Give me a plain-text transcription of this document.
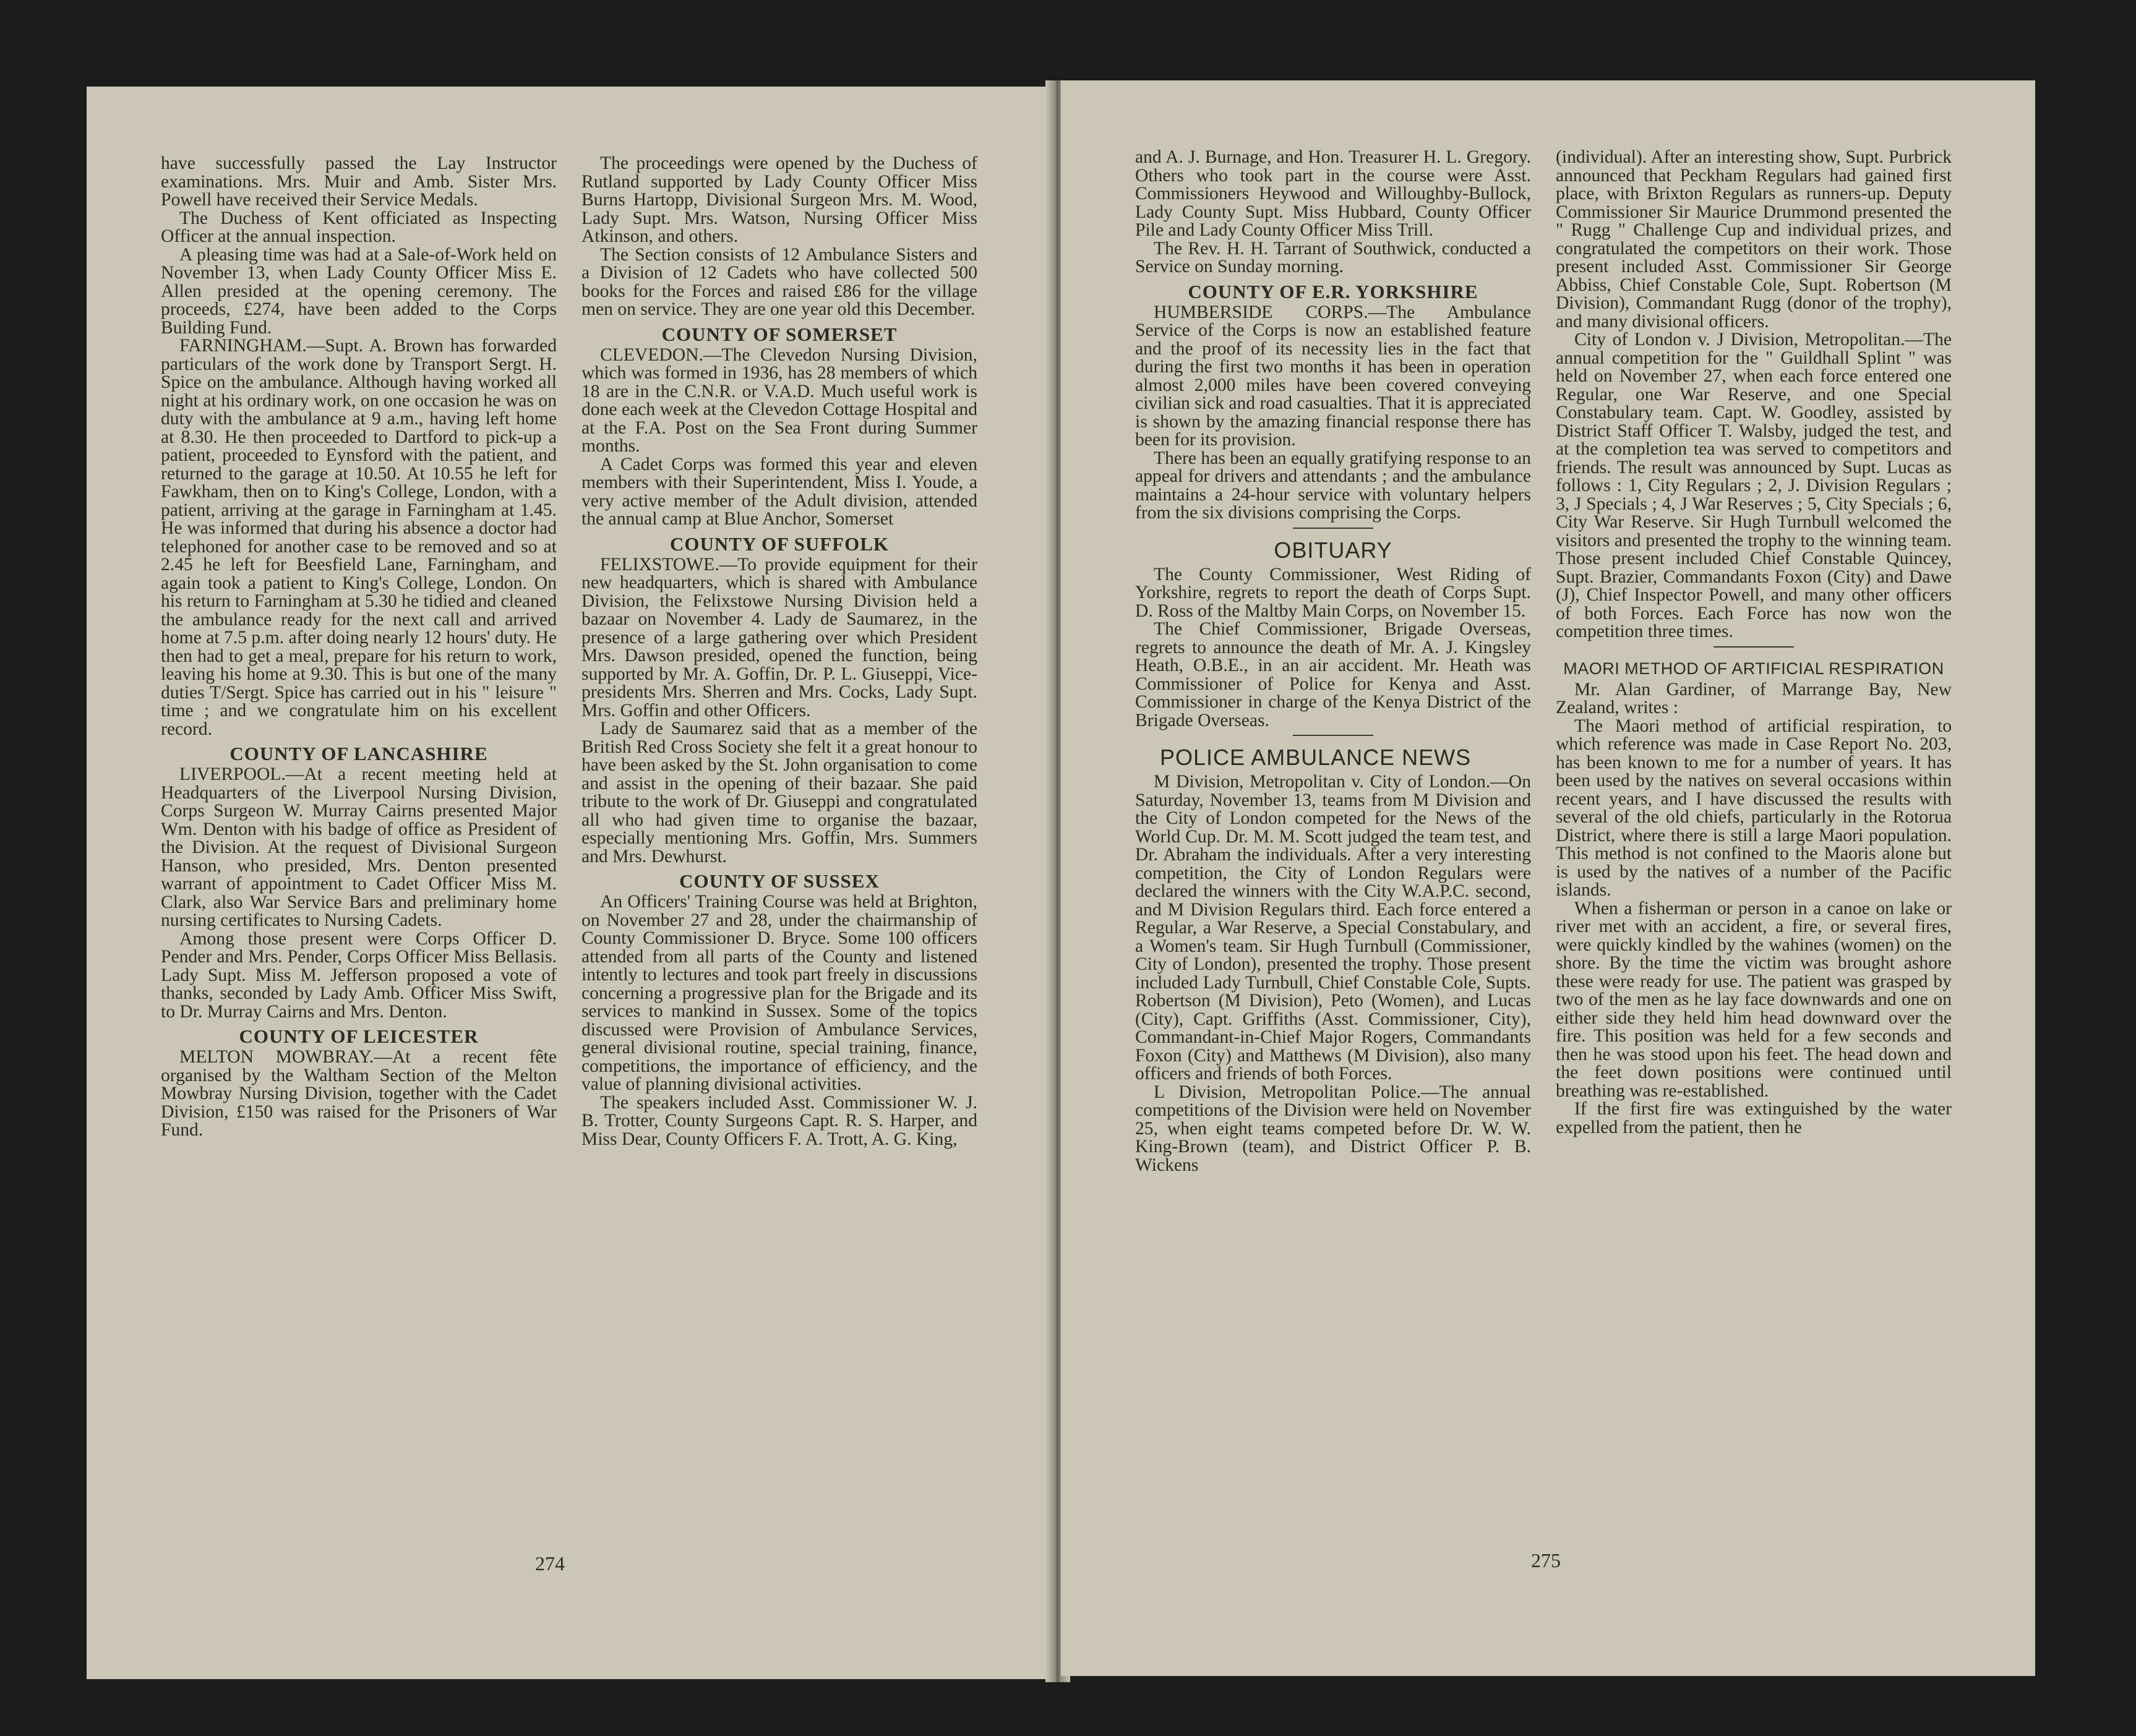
have successfully passed the Lay Instructor examinations. Mrs. Muir and Amb. Sister Mrs. Powell have received their Service Medals.

The Duchess of Kent officiated as Inspecting Officer at the annual inspection.

A pleasing time was had at a Sale-of-Work held on November 13, when Lady County Officer Miss E. Allen presided at the opening ceremony. The proceeds, £274, have been added to the Corps Building Fund.

FARNINGHAM.—Supt. A. Brown has forwarded particulars of the work done by Transport Sergt. H. Spice on the ambulance. Although having worked all night at his ordinary work, on one occasion he was on duty with the ambulance at 9 a.m., having left home at 8.30. He then proceeded to Dartford to pick-up a patient, proceeded to Eynsford with the patient, and returned to the garage at 10.50. At 10.55 he left for Fawkham, then on to King's College, London, with a patient, arriving at the garage in Farningham at 1.45. He was informed that during his absence a doctor had telephoned for another case to be removed and so at 2.45 he left for Beesfield Lane, Farningham, and again took a patient to King's College, London. On his return to Farningham at 5.30 he tidied and cleaned the ambulance ready for the next call and arrived home at 7.5 p.m. after doing nearly 12 hours' duty. He then had to get a meal, prepare for his return to work, leaving his home at 9.30. This is but one of the many duties T/Sergt. Spice has carried out in his " leisure " time ; and we congratulate him on his excellent record.

COUNTY OF LANCASHIRE

LIVERPOOL.—At a recent meeting held at Headquarters of the Liverpool Nursing Division, Corps Surgeon W. Murray Cairns presented Major Wm. Denton with his badge of office as President of the Division. At the request of Divisional Surgeon Hanson, who presided, Mrs. Denton presented warrant of appointment to Cadet Officer Miss M. Clark, also War Service Bars and preliminary home nursing certificates to Nursing Cadets.

Among those present were Corps Officer D. Pender and Mrs. Pender, Corps Officer Miss Bellasis. Lady Supt. Miss M. Jefferson proposed a vote of thanks, seconded by Lady Amb. Officer Miss Swift, to Dr. Murray Cairns and Mrs. Denton.

COUNTY OF LEICESTER

MELTON MOWBRAY.—At a recent fête organised by the Waltham Section of the Melton Mowbray Nursing Division, together with the Cadet Division, £150 was raised for the Prisoners of War Fund.

The proceedings were opened by the Duchess of Rutland supported by Lady County Officer Miss Burns Hartopp, Divisional Surgeon Mrs. M. Wood, Lady Supt. Mrs. Watson, Nursing Officer Miss Atkinson, and others.

The Section consists of 12 Ambulance Sisters and a Division of 12 Cadets who have collected 500 books for the Forces and raised £86 for the village men on service. They are one year old this December.

COUNTY OF SOMERSET

CLEVEDON.—The Clevedon Nursing Division, which was formed in 1936, has 28 members of which 18 are in the C.N.R. or V.A.D. Much useful work is done each week at the Clevedon Cottage Hospital and at the F.A. Post on the Sea Front during Summer months.

A Cadet Corps was formed this year and eleven members with their Superintendent, Miss I. Youde, a very active member of the Adult division, attended the annual camp at Blue Anchor, Somerset

COUNTY OF SUFFOLK

FELIXSTOWE.—To provide equipment for their new headquarters, which is shared with Ambulance Division, the Felixstowe Nursing Division held a bazaar on November 4. Lady de Saumarez, in the presence of a large gathering over which President Mrs. Dawson presided, opened the function, being supported by Mr. A. Goffin, Dr. P. L. Giuseppi, Vice-presidents Mrs. Sherren and Mrs. Cocks, Lady Supt. Mrs. Goffin and other Officers.

Lady de Saumarez said that as a member of the British Red Cross Society she felt it a great honour to have been asked by the St. John organisation to come and assist in the opening of their bazaar. She paid tribute to the work of Dr. Giuseppi and congratulated all who had given time to organise the bazaar, especially mentioning Mrs. Goffin, Mrs. Summers and Mrs. Dewhurst.

COUNTY OF SUSSEX

An Officers' Training Course was held at Brighton, on November 27 and 28, under the chairmanship of County Commissioner D. Bryce. Some 100 officers attended from all parts of the County and listened intently to lectures and took part freely in discussions concerning a progressive plan for the Brigade and its services to mankind in Sussex. Some of the topics discussed were Provision of Ambulance Services, general divisional routine, special training, finance, competitions, the importance of efficiency, and the value of planning divisional activities.

The speakers included Asst. Commissioner W. J. B. Trotter, County Surgeons Capt. R. S. Harper, and Miss Dear, County Officers F. A. Trott, A. G. King,

274

and A. J. Burnage, and Hon. Treasurer H. L. Gregory. Others who took part in the course were Asst. Commissioners Heywood and Willoughby-Bullock, Lady County Supt. Miss Hubbard, County Officer Pile and Lady County Officer Miss Trill.

The Rev. H. H. Tarrant of Southwick, conducted a Service on Sunday morning.

COUNTY OF E.R. YORKSHIRE

HUMBERSIDE CORPS.—The Ambulance Service of the Corps is now an established feature and the proof of its necessity lies in the fact that during the first two months it has been in operation almost 2,000 miles have been covered conveying civilian sick and road casualties. That it is appreciated is shown by the amazing financial response there has been for its provision.

There has been an equally gratifying response to an appeal for drivers and attendants ; and the ambulance maintains a 24-hour service with voluntary helpers from the six divisions comprising the Corps.

OBITUARY

The County Commissioner, West Riding of Yorkshire, regrets to report the death of Corps Supt. D. Ross of the Maltby Main Corps, on November 15.

The Chief Commissioner, Brigade Overseas, regrets to announce the death of Mr. A. J. Kingsley Heath, O.B.E., in an air accident. Mr. Heath was Commissioner of Police for Kenya and Asst. Commissioner in charge of the Kenya District of the Brigade Overseas.

POLICE AMBULANCE NEWS

M Division, Metropolitan v. City of London.—On Saturday, November 13, teams from M Division and the City of London competed for the News of the World Cup. Dr. M. M. Scott judged the team test, and Dr. Abraham the individuals. After a very interesting competition, the City of London Regulars were declared the winners with the City W.A.P.C. second, and M Division Regulars third. Each force entered a Regular, a War Reserve, a Special Constabulary, and a Women's team. Sir Hugh Turnbull (Commissioner, City of London), presented the trophy. Those present included Lady Turnbull, Chief Constable Cole, Supts. Robertson (M Division), Peto (Women), and Lucas (City), Capt. Griffiths (Asst. Commissioner, City), Commandant-in-Chief Major Rogers, Commandants Foxon (City) and Matthews (M Division), also many officers and friends of both Forces.

L Division, Metropolitan Police.—The annual competitions of the Division were held on November 25, when eight teams competed before Dr. W. W. King-Brown (team), and District Officer P. B. Wickens

(individual). After an interesting show, Supt. Purbrick announced that Peckham Regulars had gained first place, with Brixton Regulars as runners-up. Deputy Commissioner Sir Maurice Drummond presented the " Rugg " Challenge Cup and individual prizes, and congratulated the competitors on their work. Those present included Asst. Commissioner Sir George Abbiss, Chief Constable Cole, Supt. Robertson (M Division), Commandant Rugg (donor of the trophy), and many divisional officers.

City of London v. J Division, Metropolitan.—The annual competition for the " Guildhall Splint " was held on November 27, when each force entered one Regular, one War Reserve, and one Special Constabulary team. Capt. W. Goodley, assisted by District Staff Officer T. Walsby, judged the test, and at the completion tea was served to competitors and friends. The result was announced by Supt. Lucas as follows : 1, City Regulars ; 2, J. Division Regulars ; 3, J Specials ; 4, J War Reserves ; 5, City Specials ; 6, City War Reserve. Sir Hugh Turnbull welcomed the visitors and presented the trophy to the winning team. Those present included Chief Constable Quincey, Supt. Brazier, Commandants Foxon (City) and Dawe (J), Chief Inspector Powell, and many other officers of both Forces. Each Force has now won the competition three times.

MAORI METHOD OF ARTIFICIAL RESPIRATION

Mr. Alan Gardiner, of Marrange Bay, New Zealand, writes :

The Maori method of artificial respiration, to which reference was made in Case Report No. 203, has been known to me for a number of years. It has been used by the natives on several occasions within recent years, and I have discussed the results with several of the old chiefs, particularly in the Rotorua District, where there is still a large Maori population. This method is not confined to the Maoris alone but is used by the natives of a number of the Pacific islands.

When a fisherman or person in a canoe on lake or river met with an accident, a fire, or several fires, were quickly kindled by the wahines (women) on the shore. By the time the victim was brought ashore these were ready for use. The patient was grasped by two of the men as he lay face downwards and one on either side they held him head downward over the fire. This position was held for a few seconds and then he was stood upon his feet. The head down and the feet down positions were continued until breathing was re-established.

If the first fire was extinguished by the water expelled from the patient, then he

275
